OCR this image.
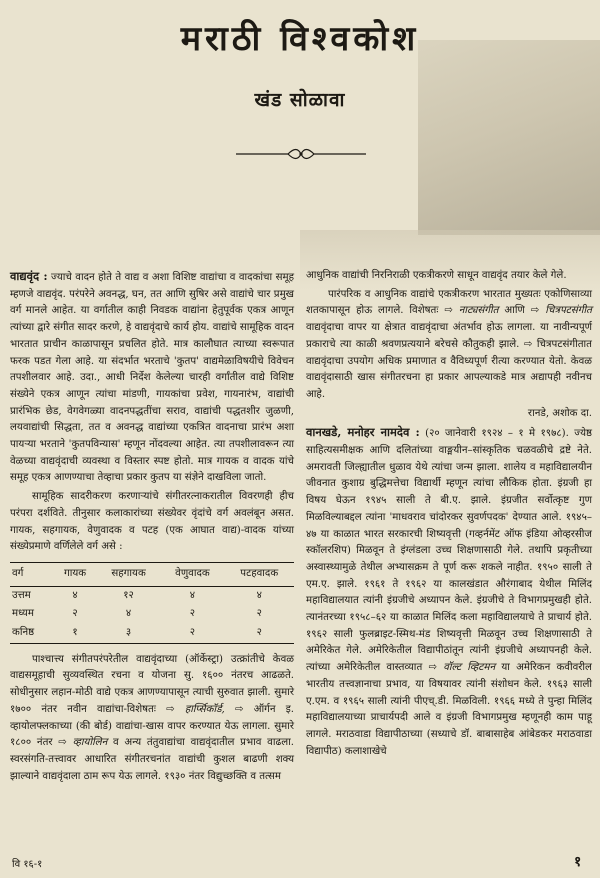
मराठी विश्वकोश
खंड सोळावा

वाद्यवृंद : ज्याचे वादन होते ते वाद्य व अशा विशिष्ट वाद्यांचा व वादकांचा समूह म्हणजे वाद्यवृंद. परंपरेने अवनद्ध, घन, तत आणि सुषिर असे वाद्यांचे चार प्रमुख वर्ग मानले आहेत. या वर्गातील काही निवडक वाद्यांना हेतुपूर्वक एकत्र आणून त्यांच्या द्वारे संगीत सादर करणे, हे वाद्यवृंदाचे कार्य होय. वाद्यांचे सामूहिक वादन भारतात प्राचीन काळापासून प्रचलित होते. मात्र कालौघात त्याच्या स्वरूपात फरक पडत गेला आहे. या संदर्भात भरताचे 'कुतप' वाद्यमेळाविषयीचे विवेचन तपशीलवार आहे. उदा., आधी निर्देश केलेल्या चारही वर्गांतील वाद्ये विशिष्ट संख्येने एकत्र आणून त्यांचा मांडणी, गायकांचा प्रवेश, गायनारंभ, वाद्यांची प्रारंभिक छेड, वेगवेगळ्या वादनपद्धतींचा सराव, वाद्यांची पद्धतशीर जुळणी, लयवाद्यांची सिद्धता, तत व अवनद्ध वाद्यांच्या एकत्रित वादनाचा प्रारंभ अशा पायऱ्या भरताने 'कुतपविन्यास' म्हणून नोंदवल्या आहेत. त्या तपशीलावरून त्या वेळच्या वाद्यवृंदाची व्यवस्था व विस्तार स्पष्ट होतो. मात्र गायक व वादक यांचे समूह एकत्र आणण्याचा तेव्हाचा प्रकार कुतप या संज्ञेने दाखविला जातो.

सामूहिक सादरीकरण करणाऱ्यांचे संगीतरत्नाकरातील विवरणही हीच परंपरा दर्शविते. तीनुसार कलाकारांच्या संख्येवर वृंदांचे वर्ग अवलंबून असत. गायक, सहगायक, वेणुवादक व पटह (एक आघात वाद्य)-वादक यांच्या संख्येप्रमाणे वर्णिलेले वर्ग असे :

वर्ग	गायक	सहगायक	वेणुवादक	पटहवादक
उत्तम	४	१२	४	४
मध्यम	२	४	२	२
कनिष्ठ	१	३	२	२

पाश्चात्त्य संगीतपरंपरेतील वाद्यवृंदाच्या (ऑर्केस्ट्रा) उत्क्रांतीचे केवळ वाद्यसमूहाची सुव्यवस्थित रचना व योजना सु. १६०० नंतरच आढळते. सोधीनुसार लहान-मोठी वाद्ये एकत्र आणण्यापासून त्याची सुरुवात झाली. सुमारे १७०० नंतर नवीन वाद्यांचा-विशेषतः ⇨ हार्प्सिकॉर्ड, ⇨ ऑर्गन इ. व्हायोलफ्लकाच्या (की बोर्ड) वाद्यांचा-खास वापर करण्यात येऊ लागला. सुमारे १८०० नंतर ⇨ व्हायोलिन व अन्य तंतुवाद्यांचा वाद्यवृंदातील प्रभाव वाढला. स्वरसंगति-तत्त्वावर आधारित संगीतरचनांत वाद्यांची कुशल बाढणी शक्य झाल्याने वाद्यवृंदाला ठाम रूप येऊ लागले. १९३० नंतर विद्युच्छक्ति व तत्सम

आधुनिक वाद्यांची निरनिराळी एकत्रीकरणे साधून वाद्यवृंद तयार केले गेले.

पारंपरिक व आधुनिक वाद्यांचे एकत्रीकरण भारतात मुख्यतः एकोणिसाव्या शतकापासून होऊ लागले. विशेषतः ⇨ नाट्यसंगीत आणि ⇨ चित्रपटसंगीत वाद्यवृंदाचा वापर या क्षेत्रात वाद्यवृंदाचा अंतर्भाव होऊ लागला. या नावीन्यपूर्ण प्रकाराचे त्या काळी श्रवणप्रत्ययाने बरेचसे कौतुकही झाले. ⇨ चित्रपटसंगीतात वाद्यवृंदाचा उपयोग अधिक प्रमाणात व वैविध्यपूर्ण रीत्या करण्यात येतो. केवळ वाद्यवृंदासाठी खास संगीतरचना हा प्रकार आपल्याकडे मात्र अद्यापही नवीनच आहे.

रानडे, अशोक दा.

वानखडे, मनोहर नामदेव : (२० जानेवारी १९२४ – १ मे १९७८). ज्येष्ठ साहित्यसमीक्षक आणि दलितांच्या वाङ्मयीन–सांस्कृतिक चळवळीचे द्रष्टे नेते. अमरावती जिल्ह्यातील धुळाव येथे त्यांचा जन्म झाला. शालेय व महाविद्यालयीन जीवनात कुशाग्र बुद्धिमत्तेचा विद्यार्थी म्हणून त्यांचा लौकिक होता. इंग्रजी हा विषय घेऊन १९४५ साली ते बी.ए. झाले. इंग्रजीत सर्वोत्कृष्ट गुण मिळविल्याबद्दल त्यांना 'माधवराव चांदोरकर सुवर्णपदक' देण्यात आले. १९४५–४७ या काळात भारत सरकारची शिष्यवृत्ती (गव्हर्नमेंट ऑफ इंडिया ओव्हरसीज स्कॉलरशिप) मिळवून ते इंग्लंडला उच्च शिक्षणासाठी गेले. तथापि प्रकृतीच्या अस्वास्थ्यामुळे तेथील अभ्यासक्रम ते पूर्ण करू शकले नाहीत. १९५० साली ते एम.ए. झाले. १९६१ ते १९६२ या कालखंडात औरंगाबाद येथील मिलिंद महाविद्यालयात त्यांनी इंग्रजीचे अध्यापन केले. इंग्रजीचे ते विभागप्रमुखही होते. त्यानंतरच्या १९५८–६२ या काळात मिलिंद कला महाविद्यालयाचे ते प्राचार्य होते. १९६२ साली फुलब्राइट-स्मिथ-मंड शिष्यवृत्ती मिळवून उच्च शिक्षणासाठी ते अमेरिकेत गेले. अमेरिकेतील विद्यापीठांतून त्यांनी इंग्रजीचे अध्यापनही केले. त्यांच्या अमेरिकेतील वास्तव्यात ⇨ वॉल्ट व्हिटमन या अमेरिकन कवीवरील भारतीय तत्त्वज्ञानाचा प्रभाव, या विषयावर त्यांनी संशोधन केले. १९६३ साली ए.एम. व १९६५ साली त्यांनी पीएच्.डी. मिळविली. १९६६ मध्ये ते पुन्हा मिलिंद महाविद्यालयाच्या प्राचार्यपदी आले व इंग्रजी विभागप्रमुख म्हणूनही काम पाहू लागले. मराठवाडा विद्यापीठाच्या (सध्याचे डॉ. बाबासाहेब आंबेडकर मराठवाडा विद्यापीठ) कलाशाखेचे

वि १६-१	१
